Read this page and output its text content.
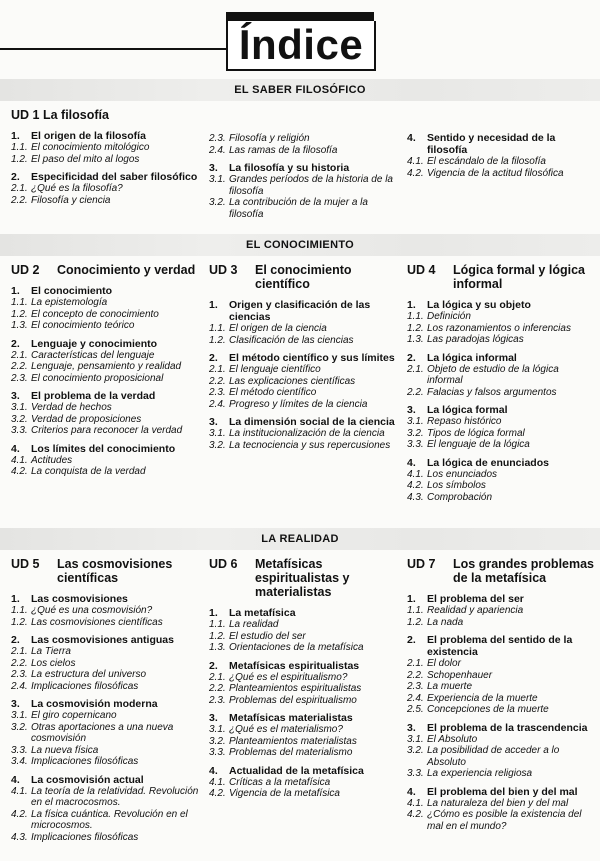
Índice
EL SABER FILOSÓFICO
EL CONOCIMIENTO
LA REALIDAD
UD 1 La filosofía
1.	El origen de la filosofía
1.1. El conocimiento mitológico
1.2. El paso del mito al logos
2.	Especificidad del saber filosófico
2.1. ¿Qué es la filosofía?
2.2. Filosofía y ciencia
2.3. Filosofía y religión
2.4. Las ramas de la filosofía
3.	La filosofía y su historia
3.1. Grandes períodos de la historia de la filosofía
3.2. La contribución de la mujer a la filosofía
4.	Sentido y necesidad de la filosofía
4.1. El escándalo de la filosofía
4.2. Vigencia de la actitud filosófica
UD 2	Conocimiento y verdad
1.	El conocimiento
1.1. La epistemología
1.2. El concepto de conocimiento
1.3. El conocimiento teórico
2.	Lenguaje y conocimiento
2.1. Características del lenguaje
2.2. Lenguaje, pensamiento y realidad
2.3. El conocimiento proposicional
3.	El problema de la verdad
3.1. Verdad de hechos
3.2. Verdad de proposiciones
3.3. Criterios para reconocer la verdad
4.	Los límites del conocimiento
4.1. Actitudes
4.2. La conquista de la verdad
UD 3	El conocimiento científico
1.	Origen y clasificación de las ciencias
1.1. El origen de la ciencia
1.2. Clasificación de las ciencias
2.	El método científico y sus límites
2.1. El lenguaje científico
2.2. Las explicaciones científicas
2.3. El método científico
2.4. Progreso y límites de la ciencia
3.	La dimensión social de la ciencia
3.1. La institucionalización de la ciencia
3.2. La tecnociencia y sus repercusiones
UD 4	Lógica formal y lógica informal
1.	La lógica y su objeto
1.1. Definición
1.2. Los razonamientos o inferencias
1.3. Las paradojas lógicas
2.	La lógica informal
2.1. Objeto de estudio de la lógica informal
2.2. Falacias y falsos argumentos
3.	La lógica formal
3.1. Repaso histórico
3.2. Tipos de lógica formal
3.3. El lenguaje de la lógica
4.	La lógica de enunciados
4.1. Los enunciados
4.2. Los símbolos
4.3. Comprobación
UD 5	Las cosmovisiones científicas
1.	Las cosmovisiones
1.1. ¿Qué es una cosmovisión?
1.2. Las cosmovisiones científicas
2.	Las cosmovisiones antiguas
2.1. La Tierra
2.2. Los cielos
2.3. La estructura del universo
2.4. Implicaciones filosóficas
3.	La cosmovisión moderna
3.1. El giro copernicano
3.2. Otras aportaciones a una nueva cosmovisión
3.3. La nueva física
3.4. Implicaciones filosóficas
4.	La cosmovisión actual
4.1. La teoría de la relatividad. Revolución en el macrocosmos.
4.2. La física cuántica. Revolución en el microcosmos.
4.3. Implicaciones filosóficas
UD 6	Metafísicas espiritualistas y materialistas
1.	La metafísica
1.1. La realidad
1.2. El estudio del ser
1.3. Orientaciones de la metafísica
2.	Metafísicas espiritualistas
2.1. ¿Qué es el espiritualismo?
2.2. Planteamientos espiritualistas
2.3. Problemas del espiritualismo
3.	Metafísicas materialistas
3.1. ¿Qué es el materialismo?
3.2. Planteamientos materialistas
3.3. Problemas del materialismo
4.	Actualidad de la metafísica
4.1. Críticas a la metafísica
4.2. Vigencia de la metafísica
UD 7	Los grandes problemas de la metafísica
1.	El problema del ser
1.1. Realidad y apariencia
1.2. La nada
2.	El problema del sentido de la existencia
2.1. El dolor
2.2. Schopenhauer
2.3. La muerte
2.4. Experiencia de la muerte
2.5. Concepciones de la muerte
3.	El problema de la trascendencia
3.1. El Absoluto
3.2. La posibilidad de acceder a lo Absoluto
3.3. La experiencia religiosa
4.	El problema del bien y del mal
4.1. La naturaleza del bien y del mal
4.2. ¿Cómo es posible la existencia del mal en el mundo?
